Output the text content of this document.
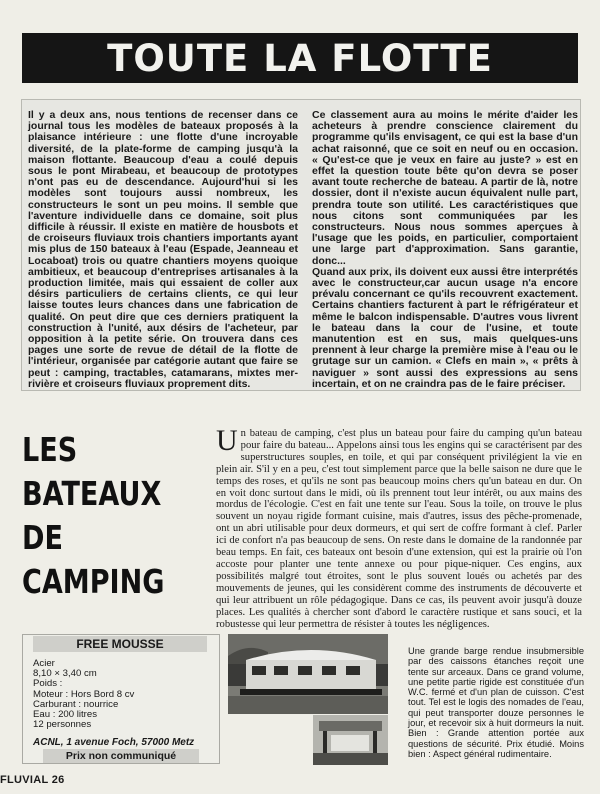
TOUTE LA FLOTTE

Il y a deux ans, nous tentions de recenser dans ce journal tous les modèles de bateaux proposés à la plaisance intérieure : une flotte d'une incroyable diversité, de la plate-forme de camping jusqu'à la maison flottante. Beaucoup d'eau a coulé depuis sous le pont Mirabeau, et beaucoup de prototypes n'ont pas eu de descendance. Aujourd'hui si les modèles sont toujours aussi nombreux, les constructeurs le sont un peu moins. Il semble que l'aventure individuelle dans ce domaine, soit plus difficile à réussir. Il existe en matière de housbots et de croiseurs fluviaux trois chantiers importants ayant mis plus de 150 bateaux à l'eau (Espade, Jeanneau et Locaboat) trois ou quatre chantiers moyens quoique ambitieux, et beaucoup d'entreprises artisanales à la production limitée, mais qui essaient de coller aux désirs particuliers de certains clients, ce qui leur laisse toutes leurs chances dans une fabrication de qualité. On peut dire que ces derniers pratiquent la construction à l'unité, aux désirs de l'acheteur, par opposition à la petite série. On trouvera dans ces pages une sorte de revue de détail de la flotte de l'intérieur, organisée par catégorie autant que faire se peut : camping, tractables, catamarans, mixtes mer-rivière et croiseurs fluviaux proprement dits.

Ce classement aura au moins le mérite d'aider les acheteurs à prendre conscience clairement du programme qu'ils envisagent, ce qui est la base d'un achat raisonné, que ce soit en neuf ou en occasion. « Qu'est-ce que je veux en faire au juste? » est en effet la question toute bête qu'on devra se poser avant toute recherche de bateau. A partir de là, notre dossier, dont il n'existe aucun équivalent nulle part, prendra toute son utilité. Les caractéristiques que nous citons sont communiquées par les constructeurs. Nous nous sommes aperçues à l'usage que les poids, en particulier, comportaient une large part d'approximation. Sans garantie, donc...

Quand aux prix, ils doivent eux aussi être interprétés avec le constructeur,car aucun usage n'a encore prévalu concernant ce qu'ils recouvrent exactement. Certains chantiers facturent à part le réfrigérateur et même le balcon indispensable. D'autres vous livrent le bateau dans la cour de l'usine, et toute manutention est en sus, mais quelques-uns prennent à leur charge la première mise à l'eau ou le grutage sur un camion. « Clefs en main », « prêts à naviguer » sont aussi des expressions au sens incertain, et on ne craindra pas de le faire préciser.

LES
BATEAUX
DE
CAMPING
Un bateau de camping, c'est plus un bateau pour faire du camping qu'un bateau pour faire du bateau... Appelons ainsi tous les engins qui se caractérisent par des superstructures souples, en toile, et qui par conséquent privilégient la vie en plein air. S'il y en a peu, c'est tout simplement parce que la belle saison ne dure que le temps des roses, et qu'ils ne sont pas beaucoup moins chers qu'un bateau en dur. On en voit donc surtout dans le midi, où ils prennent tout leur intérêt, ou aux mains des mordus de l'écologie. C'est en fait une tente sur l'eau. Sous la toile, on trouve le plus souvent un noyau rigide formant cuisine, mais d'autres, issus des pêche-promenade, ont un abri utilisable pour deux dormeurs, et qui sert de coffre formant à clef. Parler ici de confort n'a pas beaucoup de sens. On reste dans le domaine de la randonnée par beau temps. En fait, ces bateaux ont besoin d'une extension, qui est la prairie où l'on accoste pour planter une tente annexe ou pour pique-niquer. Ces engins, aux possibilités malgré tout étroites, sont le plus souvent loués ou achetés par des mouvements de jeunes, qui les considèrent comme des instruments de découverte et qui leur attribuent un rôle pédagogique. Dans ce cas, ils peuvent avoir jusqu'à douze places. Les qualités à chercher sont d'abord le caractère rustique et sans souci, et la robustesse qui leur permettra de résister à toutes les négligences.
FREE MOUSSE
Acier
8,10 × 3,40 cm
Poids :
Moteur : Hors Bord 8 cv
Carburant : nourrice
Eau : 200 litres
12 personnes
ACNL, 1 avenue Foch, 57000 Metz
Prix non communiqué
Une grande barge rendue insubmersible par des caissons étanches reçoit une tente sur arceaux. Dans ce grand volume, une petite partie rigide est constituée d'un W.C. fermé et d'un plan de cuisson. C'est tout. Tel est le logis des nomades de l'eau, qui peut transporter douze personnes le jour, et recevoir six à huit dormeurs la nuit. Bien : Grande attention portée aux questions de sécurité. Prix étudié. Moins bien : Aspect général rudimentaire.
FLUVIAL 26
